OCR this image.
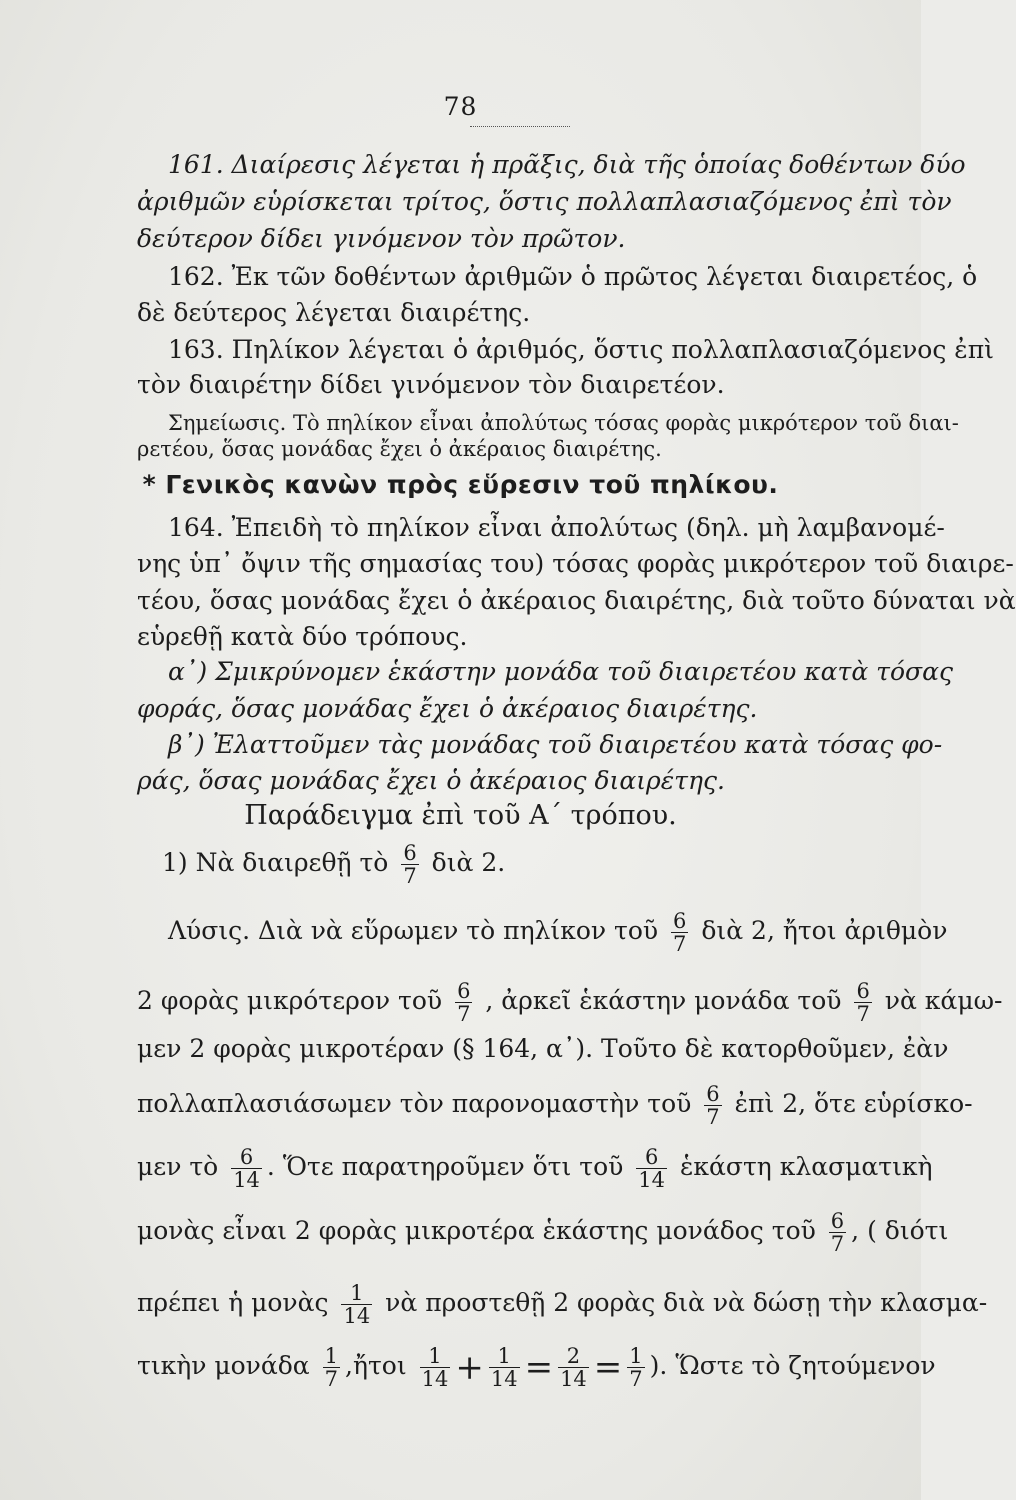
78
161. Διαίρεσις λέγεται ἡ πρᾶξις, διὰ τῆς ὁποίας δοθέντων δύο
ἀριθμῶν εὑρίσκεται τρίτος, ὅστις πολλαπλασιαζόμενος ἐπὶ τὸν
δεύτερον δίδει γινόμενον τὸν πρῶτον.
162. Ἐκ τῶν δοθέντων ἀριθμῶν ὁ πρῶτος λέγεται διαιρετέος, ὁ
δὲ δεύτερος λέγεται διαιρέτης.
163. Πηλίκον λέγεται ὁ ἀριθμός, ὅστις πολλαπλασιαζόμενος ἐπὶ
τὸν διαιρέτην δίδει γινόμενον τὸν διαιρετέον.
Σημείωσις. Τὸ πηλίκον εἶναι ἀπολύτως τόσας φορὰς μικρότερον τοῦ διαι-
ρετέου, ὅσας μονάδας ἔχει ὁ ἀκέραιος διαιρέτης.
* Γενικὸς κανὼν πρὸς εὕρεσιν τοῦ πηλίκου.
164. Ἐπειδὴ τὸ πηλίκον εἶναι ἀπολύτως (δηλ. μὴ λαμβανομέ-
νης ὑπ᾽ ὄψιν τῆς σημασίας του) τόσας φορὰς μικρότερον τοῦ διαιρε-
τέου, ὅσας μονάδας ἔχει ὁ ἀκέραιος διαιρέτης, διὰ τοῦτο δύναται νὰ
εὑρεθῇ κατὰ δύο τρόπους.
α᾽) Σμικρύνομεν ἑκάστην μονάδα τοῦ διαιρετέου κατὰ τόσας
φοράς, ὅσας μονάδας ἔχει ὁ ἀκέραιος διαιρέτης.
β᾽) Ἐλαττοῦμεν τὰς μονάδας τοῦ διαιρετέου κατὰ τόσας φο-
ράς, ὅσας μονάδας ἔχει ὁ ἀκέραιος διαιρέτης.
Παράδειγμα ἐπὶ τοῦ Α΄ τρόπου.
1) Νὰ διαιρεθῇ τὸ $\frac{6}{7}$ διὰ 2.
Λύσις. Διὰ νὰ εὕρωμεν τὸ πηλίκον τοῦ $\frac{6}{7}$ διὰ 2, ἤτοι ἀριθμὸν
2 φορὰς μικρότερον τοῦ $\frac{6}{7}$ , ἀρκεῖ ἑκάστην μονάδα τοῦ $\frac{6}{7}$ νὰ κάμω-
μεν 2 φορὰς μικροτέραν (§ 164, α᾽). Τοῦτο δὲ κατορθοῦμεν, ἐὰν
πολλαπλασιάσωμεν τὸν παρονομαστὴν τοῦ $\frac{6}{7}$ ἐπὶ 2, ὅτε εὑρίσκο-
μεν τὸ $\frac{6}{14}$ . Ὅτε παρατηροῦμεν ὅτι τοῦ $\frac{6}{14}$ ἑκάστη κλασματικὴ
μονὰς εἶναι 2 φορὰς μικροτέρα ἑκάστης μονάδος τοῦ $\frac{6}{7}$ , ( διότι
πρέπει ἡ μονὰς $\frac{1}{14}$ νὰ προστεθῇ 2 φορὰς διὰ νὰ δώσῃ τὴν κλασμα-
τικὴν μονάδα $\frac{1}{7}$ ,ἤτοι $\frac{1}{14} + \frac{1}{14} = \frac{2}{14} = \frac{1}{7}$ ). Ὥστε τὸ ζητούμενον
